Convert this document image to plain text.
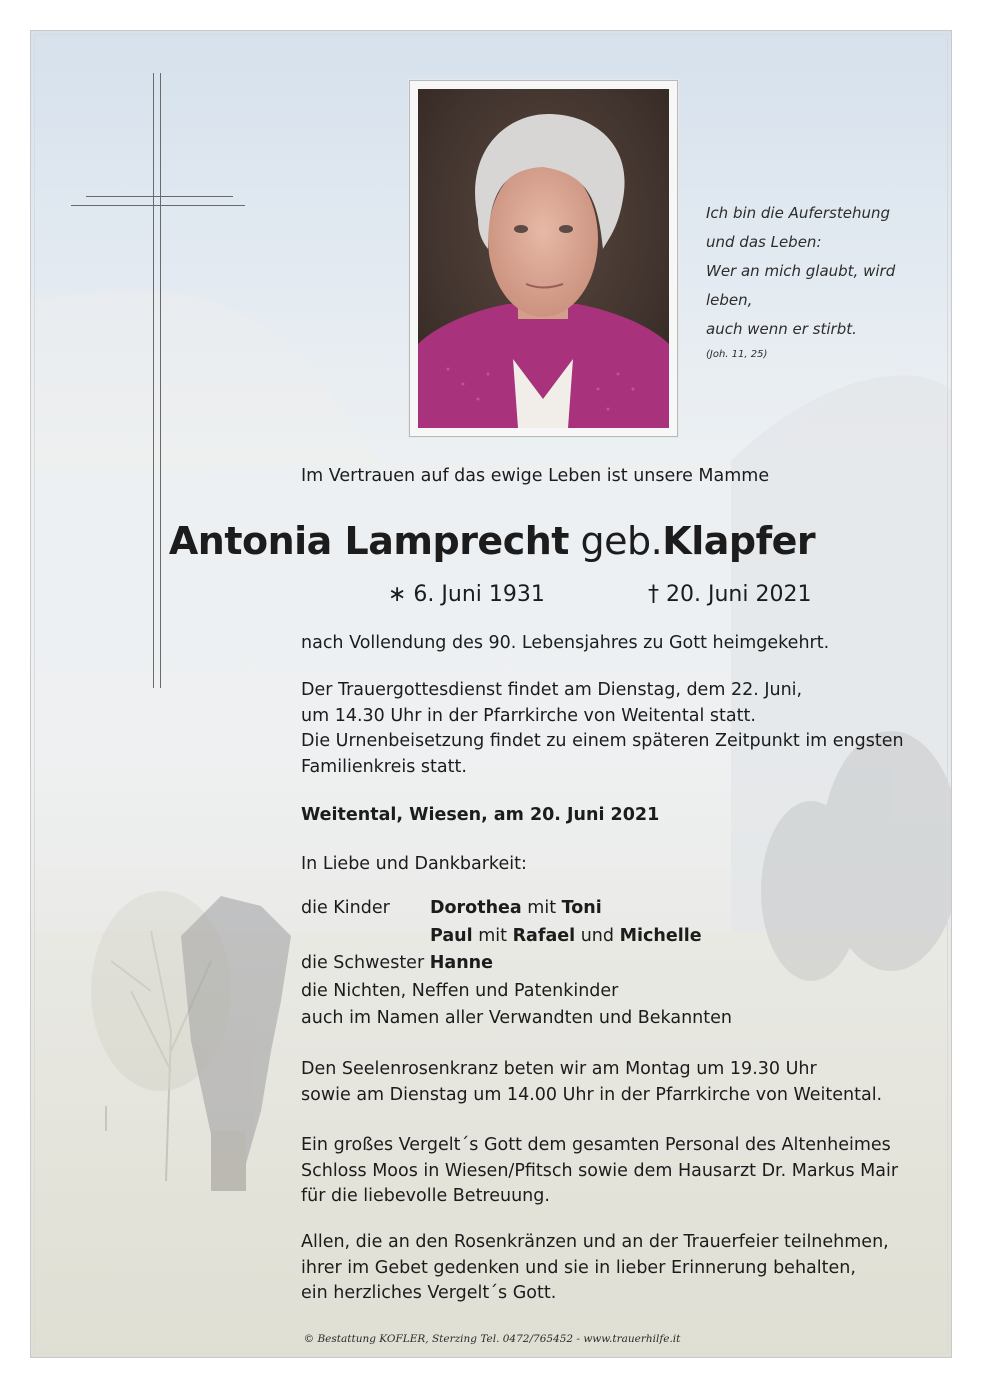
Ich bin die Auferstehung
und das Leben:
Wer an mich glaubt, wird leben,
auch wenn er stirbt.
(Joh. 11, 25)
Im Vertrauen auf das ewige Leben ist unsere Mamme
Antonia Lamprecht geb.Klapfer
∗ 6. Juni 1931	† 20. Juni 2021
nach Vollendung des 90. Lebensjahres zu Gott heimgekehrt.
Der Trauergottesdienst findet am Dienstag, dem 22. Juni,
um 14.30 Uhr in der Pfarrkirche von Weitental statt.
Die Urnenbeisetzung findet zu einem späteren Zeitpunkt im engsten
Familienkreis statt.
Weitental, Wiesen, am 20. Juni 2021
In Liebe und Dankbarkeit:
die Kinder Dorothea mit Toni
Paul mit Rafael und Michelle
die Schwester Hanne
die Nichten, Neffen und Patenkinder
auch im Namen aller Verwandten und Bekannten
Den Seelenrosenkranz beten wir am Montag um 19.30 Uhr
sowie am Dienstag um 14.00 Uhr in der Pfarrkirche von Weitental.
Ein großes Vergelt´s Gott dem gesamten Personal des Altenheimes
Schloss Moos in Wiesen/Pfitsch sowie dem Hausarzt Dr. Markus Mair
für die liebevolle Betreuung.
Allen, die an den Rosenkränzen und an der Trauerfeier teilnehmen,
ihrer im Gebet gedenken und sie in lieber Erinnerung behalten,
ein herzliches Vergelt´s Gott.
© Bestattung KOFLER, Sterzing Tel. 0472/765452 - www.trauerhilfe.it
